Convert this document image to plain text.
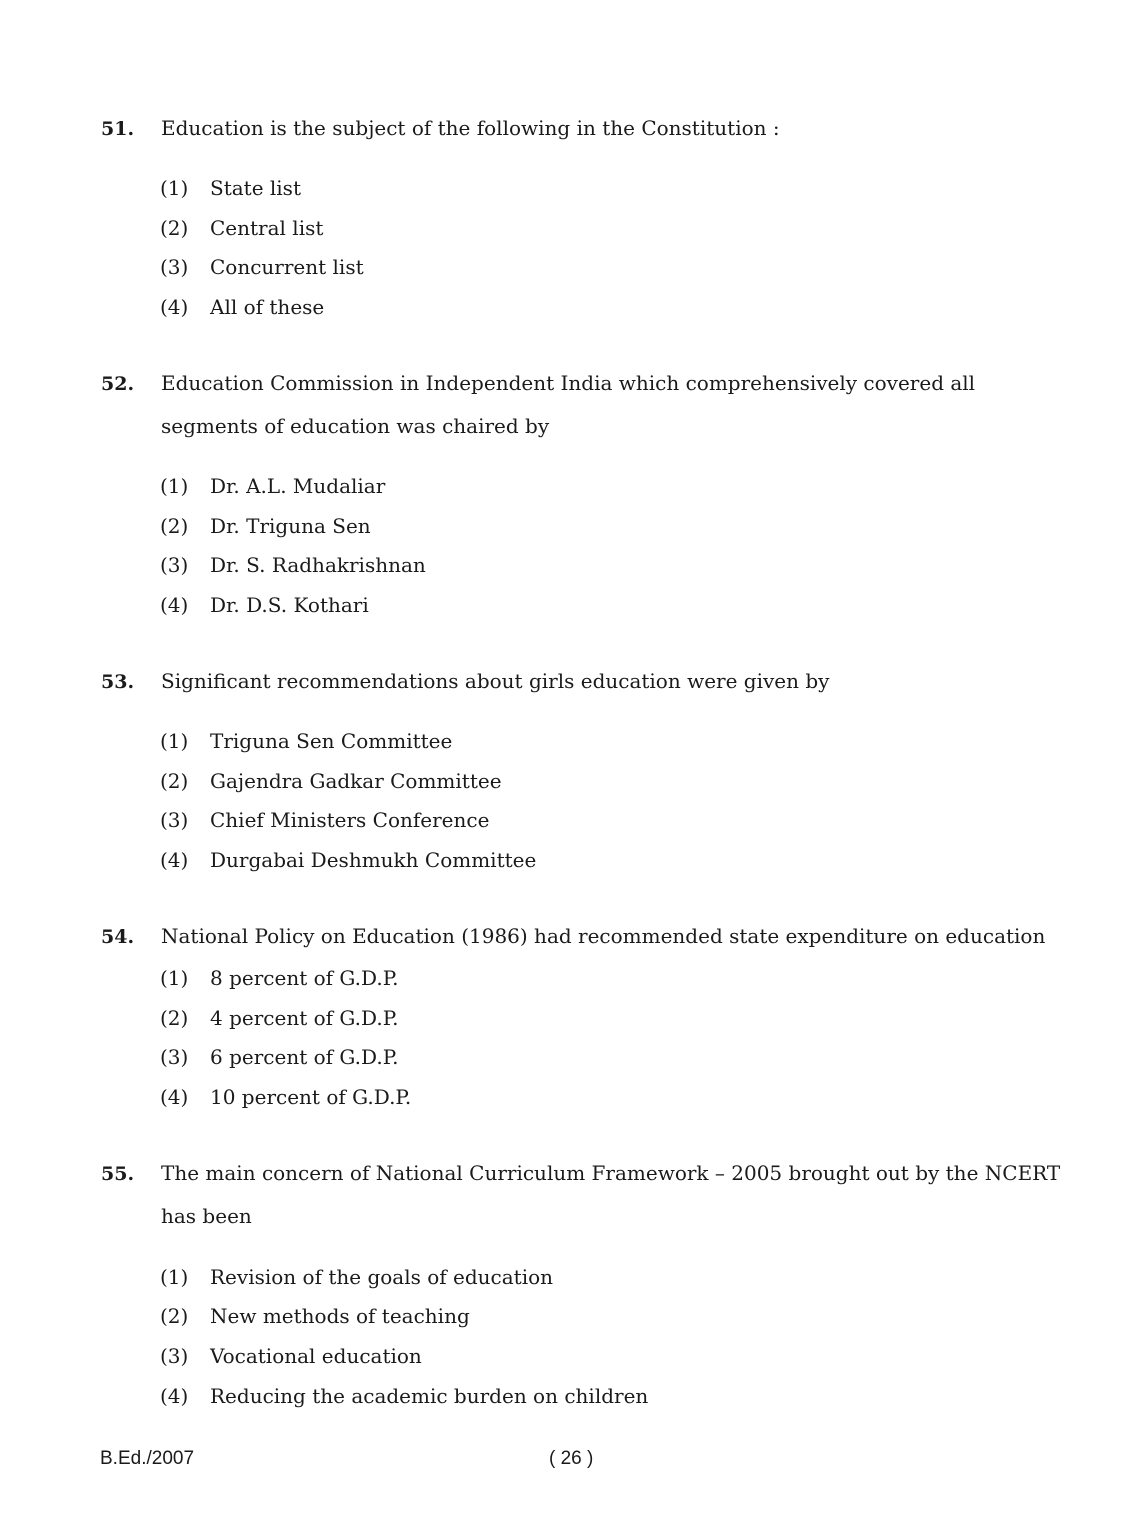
51. Education is the subject of the following in the Constitution :
(1) State list
(2) Central list
(3) Concurrent list
(4) All of these
52. Education Commission in Independent India which comprehensively covered all segments of education was chaired by
(1) Dr. A.L. Mudaliar
(2) Dr. Triguna Sen
(3) Dr. S. Radhakrishnan
(4) Dr. D.S. Kothari
53. Significant recommendations about girls education were given by
(1) Triguna Sen Committee
(2) Gajendra Gadkar Committee
(3) Chief Ministers Conference
(4) Durgabai Deshmukh Committee
54. National Policy on Education (1986) had recommended state expenditure on education
(1) 8 percent of G.D.P.
(2) 4 percent of G.D.P.
(3) 6 percent of G.D.P.
(4) 10 percent of G.D.P.
55. The main concern of National Curriculum Framework – 2005 brought out by the NCERT has been
(1) Revision of the goals of education
(2) New methods of teaching
(3) Vocational education
(4) Reducing the academic burden on children
B.Ed./2007	( 26 )
